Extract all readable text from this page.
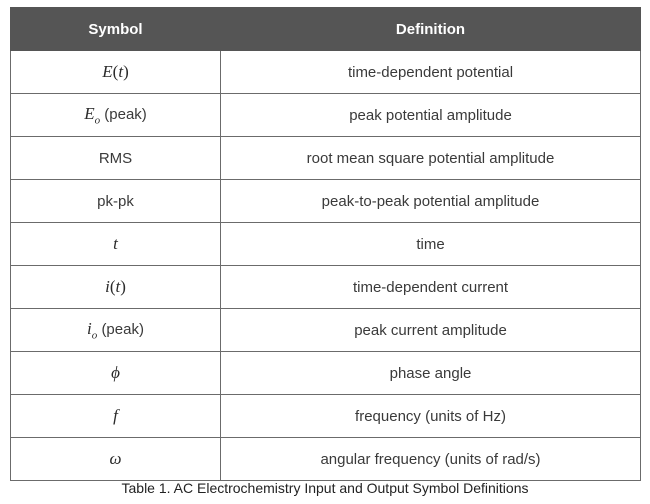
Symbol	Definition
E(t)	time-dependent potential
$E_o$ (peak)	peak potential amplitude
RMS	root mean square potential amplitude
pk-pk	peak-to-peak potential amplitude
t	time
i(t)	time-dependent current
$i_o$ (peak)	peak current amplitude
ϕ	phase angle
f	frequency (units of Hz)
ω	angular frequency (units of rad/s)
Table 1. AC Electrochemistry Input and Output Symbol Definitions
